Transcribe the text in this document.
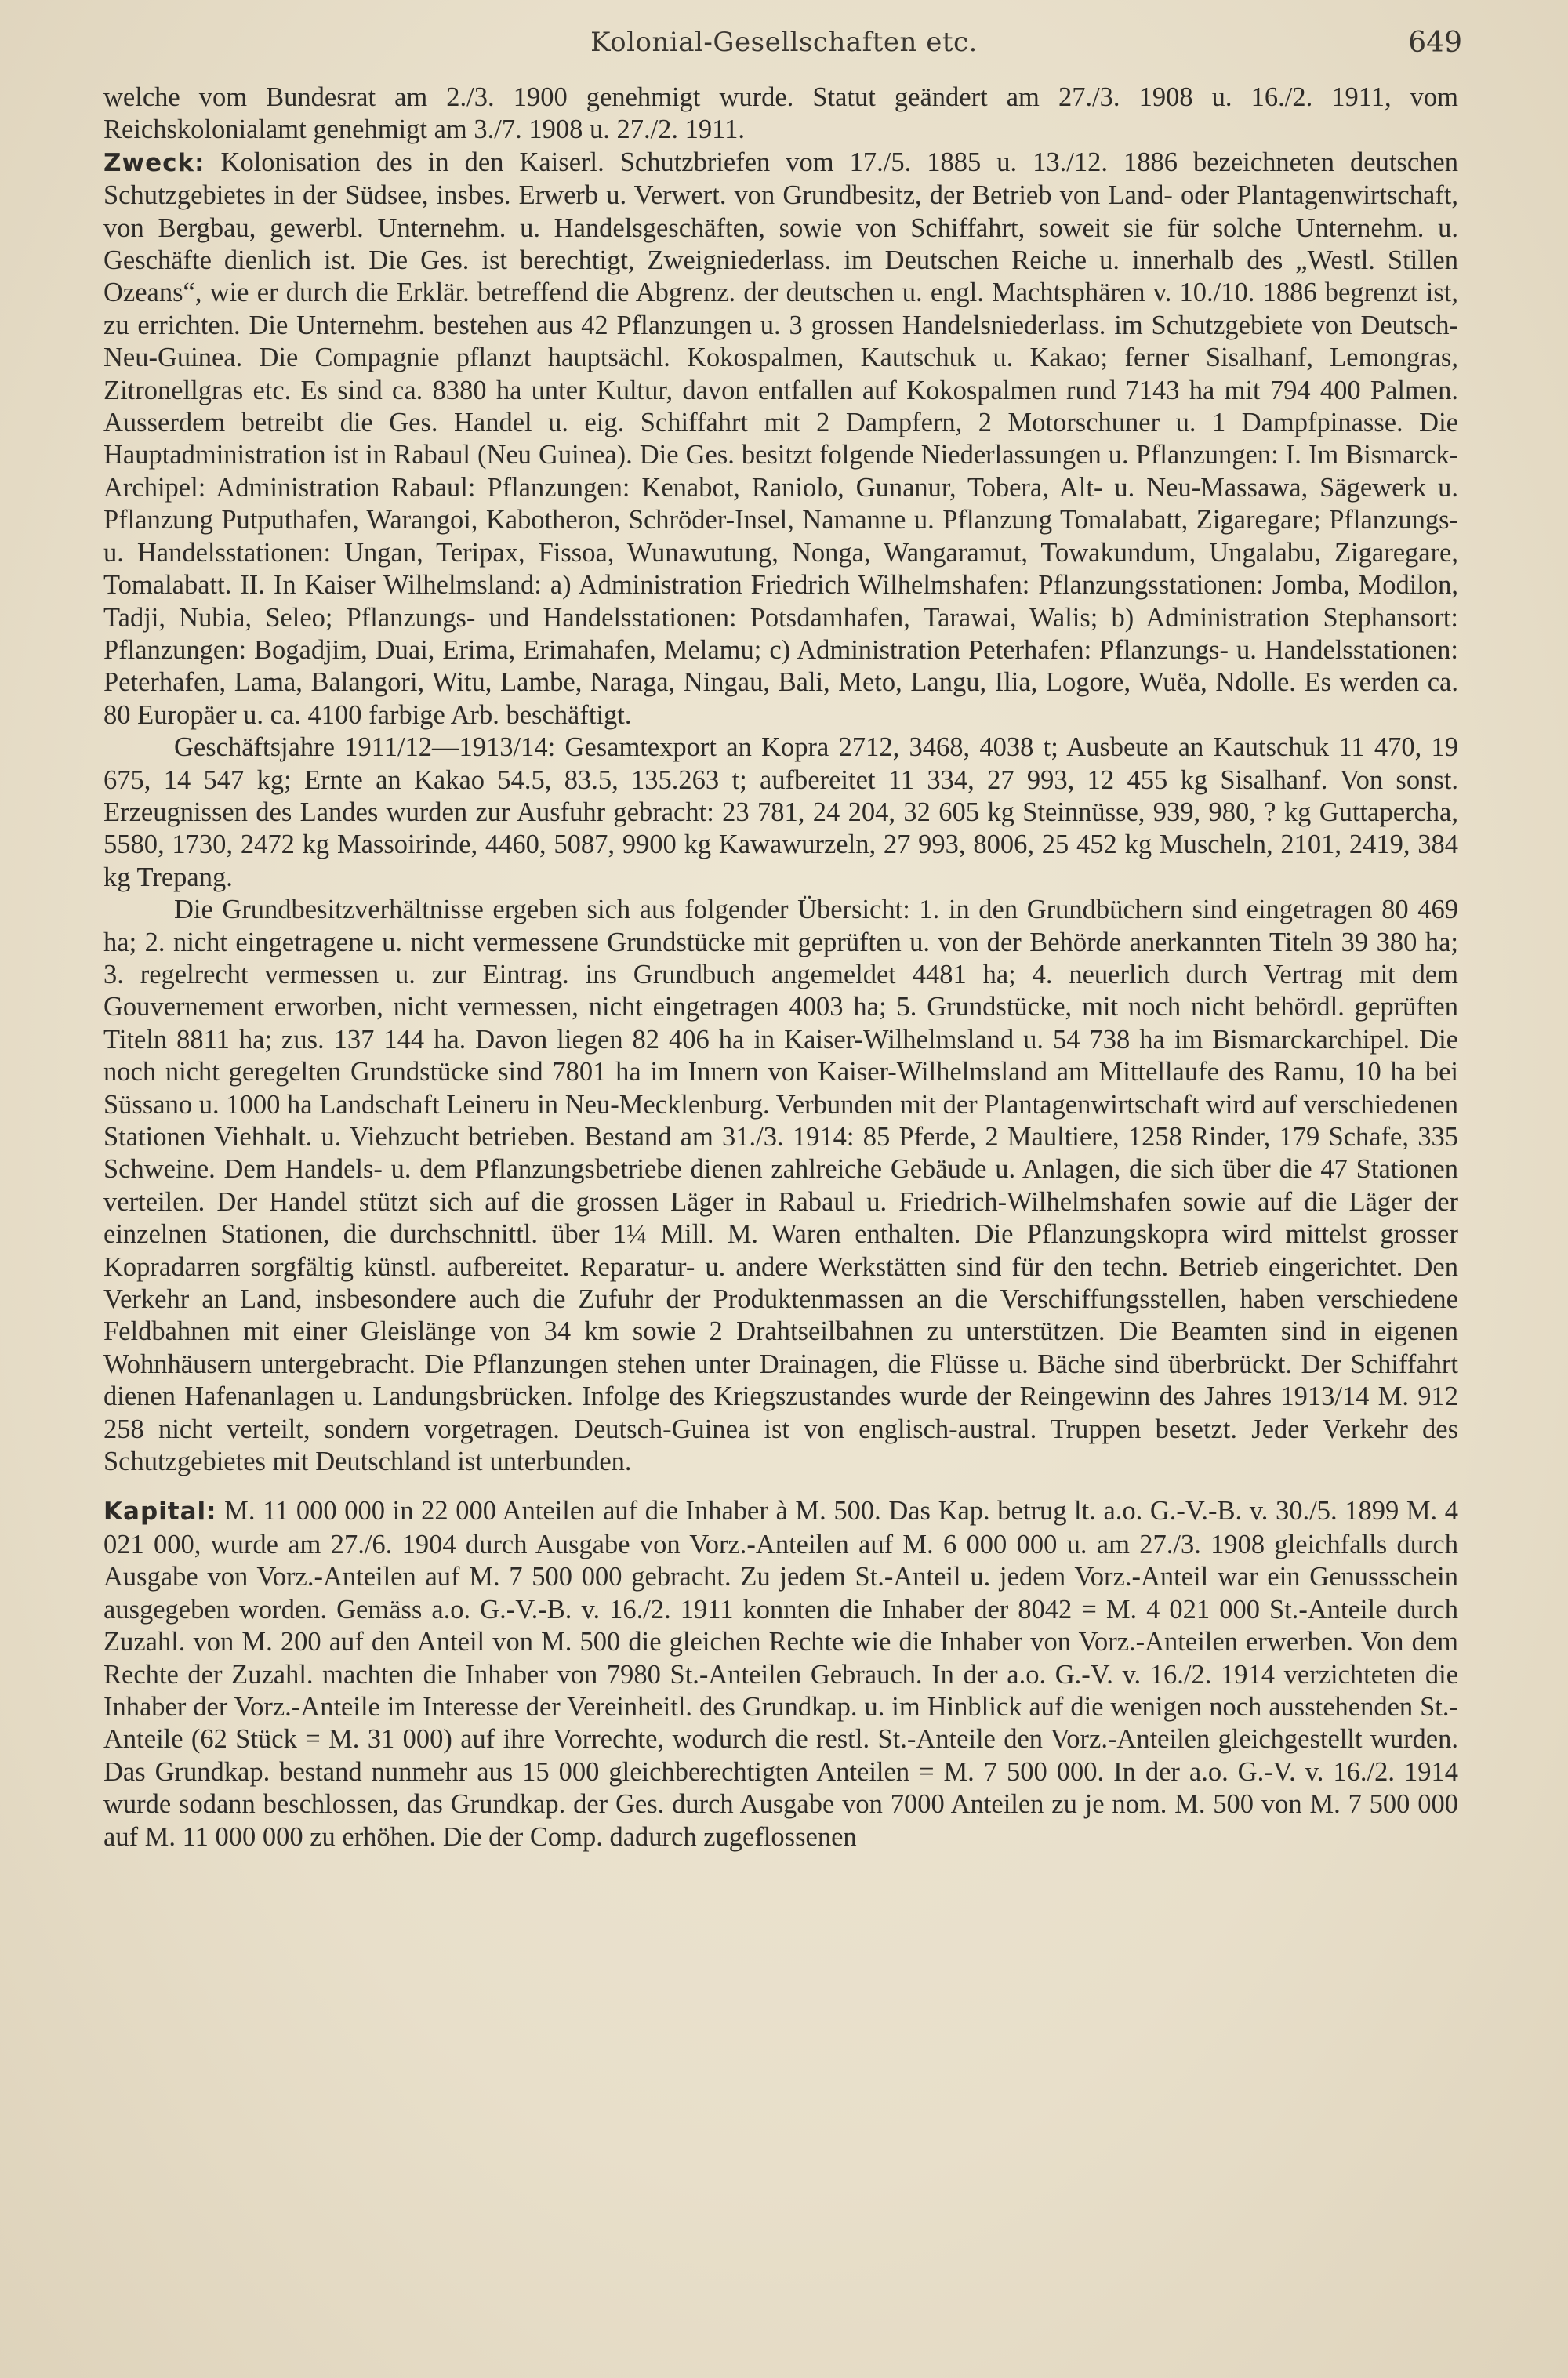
Kolonial-Gesellschaften etc.	649

welche vom Bundesrat am 2./3. 1900 genehmigt wurde. Statut geändert am 27./3. 1908 u. 16./2. 1911, vom Reichskolonialamt genehmigt am 3./7. 1908 u. 27./2. 1911.

Zweck: Kolonisation des in den Kaiserl. Schutzbriefen vom 17./5. 1885 u. 13./12. 1886 bezeichneten deutschen Schutzgebietes in der Südsee, insbes. Erwerb u. Verwert. von Grundbesitz, der Betrieb von Land- oder Plantagenwirtschaft, von Bergbau, gewerbl. Unternehm. u. Handelsgeschäften, sowie von Schiffahrt, soweit sie für solche Unternehm. u. Geschäfte dienlich ist. Die Ges. ist berechtigt, Zweigniederlass. im Deutschen Reiche u. innerhalb des „Westl. Stillen Ozeans“, wie er durch die Erklär. betreffend die Abgrenz. der deutschen u. engl. Machtsphären v. 10./10. 1886 begrenzt ist, zu errichten. Die Unternehm. bestehen aus 42 Pflanzungen u. 3 grossen Handelsniederlass. im Schutzgebiete von Deutsch-Neu-Guinea. Die Compagnie pflanzt hauptsächl. Kokospalmen, Kautschuk u. Kakao; ferner Sisalhanf, Lemongras, Zitronellgras etc. Es sind ca. 8380 ha unter Kultur, davon entfallen auf Kokospalmen rund 7143 ha mit 794 400 Palmen. Ausserdem betreibt die Ges. Handel u. eig. Schiffahrt mit 2 Dampfern, 2 Motorschuner u. 1 Dampfpinasse. Die Hauptadministration ist in Rabaul (Neu Guinea). Die Ges. besitzt folgende Niederlassungen u. Pflanzungen: I. Im Bismarck-Archipel: Administration Rabaul: Pflanzungen: Kenabot, Raniolo, Gunanur, Tobera, Alt- u. Neu-Massawa, Sägewerk u. Pflanzung Putputhafen, Warangoi, Kabotheron, Schröder-Insel, Namanne u. Pflanzung Tomalabatt, Zigaregare; Pflanzungs- u. Handelsstationen: Ungan, Teripax, Fissoa, Wunawutung, Nonga, Wangaramut, Towakundum, Ungalabu, Zigaregare, Tomalabatt. II. In Kaiser Wilhelmsland: a) Administration Friedrich Wilhelmshafen: Pflanzungsstationen: Jomba, Modilon, Tadji, Nubia, Seleo; Pflanzungs- und Handelsstationen: Potsdamhafen, Tarawai, Walis; b) Administration Stephansort: Pflanzungen: Bogadjim, Duai, Erima, Erimahafen, Melamu; c) Administration Peterhafen: Pflanzungs- u. Handelsstationen: Peterhafen, Lama, Balangori, Witu, Lambe, Naraga, Ningau, Bali, Meto, Langu, Ilia, Logore, Wuëa, Ndolle. Es werden ca. 80 Europäer u. ca. 4100 farbige Arb. beschäftigt.

Geschäftsjahre 1911/12—1913/14: Gesamtexport an Kopra 2712, 3468, 4038 t; Ausbeute an Kautschuk 11 470, 19 675, 14 547 kg; Ernte an Kakao 54.5, 83.5, 135.263 t; aufbereitet 11 334, 27 993, 12 455 kg Sisalhanf. Von sonst. Erzeugnissen des Landes wurden zur Ausfuhr gebracht: 23 781, 24 204, 32 605 kg Steinnüsse, 939, 980, ? kg Guttapercha, 5580, 1730, 2472 kg Massoirinde, 4460, 5087, 9900 kg Kawawurzeln, 27 993, 8006, 25 452 kg Muscheln, 2101, 2419, 384 kg Trepang.

Die Grundbesitzverhältnisse ergeben sich aus folgender Übersicht: 1. in den Grundbüchern sind eingetragen 80 469 ha; 2. nicht eingetragene u. nicht vermessene Grundstücke mit geprüften u. von der Behörde anerkannten Titeln 39 380 ha; 3. regelrecht vermessen u. zur Eintrag. ins Grundbuch angemeldet 4481 ha; 4. neuerlich durch Vertrag mit dem Gouvernement erworben, nicht vermessen, nicht eingetragen 4003 ha; 5. Grundstücke, mit noch nicht behördl. geprüften Titeln 8811 ha; zus. 137 144 ha. Davon liegen 82 406 ha in Kaiser-Wilhelmsland u. 54 738 ha im Bismarckarchipel. Die noch nicht geregelten Grundstücke sind 7801 ha im Innern von Kaiser-Wilhelmsland am Mittellaufe des Ramu, 10 ha bei Süssano u. 1000 ha Landschaft Leineru in Neu-Mecklenburg. Verbunden mit der Plantagenwirtschaft wird auf verschiedenen Stationen Viehhalt. u. Viehzucht betrieben. Bestand am 31./3. 1914: 85 Pferde, 2 Maultiere, 1258 Rinder, 179 Schafe, 335 Schweine. Dem Handels- u. dem Pflanzungsbetriebe dienen zahlreiche Gebäude u. Anlagen, die sich über die 47 Stationen verteilen. Der Handel stützt sich auf die grossen Läger in Rabaul u. Friedrich-Wilhelmshafen sowie auf die Läger der einzelnen Stationen, die durchschnittl. über 1¼ Mill. M. Waren enthalten. Die Pflanzungskopra wird mittelst grosser Kopradarren sorgfältig künstl. aufbereitet. Reparatur- u. andere Werkstätten sind für den techn. Betrieb eingerichtet. Den Verkehr an Land, insbesondere auch die Zufuhr der Produktenmassen an die Verschiffungsstellen, haben verschiedene Feldbahnen mit einer Gleislänge von 34 km sowie 2 Drahtseilbahnen zu unterstützen. Die Beamten sind in eigenen Wohnhäusern untergebracht. Die Pflanzungen stehen unter Drainagen, die Flüsse u. Bäche sind überbrückt. Der Schiffahrt dienen Hafenanlagen u. Landungsbrücken. Infolge des Kriegszustandes wurde der Reingewinn des Jahres 1913/14 M. 912 258 nicht verteilt, sondern vorgetragen. Deutsch-Guinea ist von englisch-austral. Truppen besetzt. Jeder Verkehr des Schutzgebietes mit Deutschland ist unterbunden.

Kapital: M. 11 000 000 in 22 000 Anteilen auf die Inhaber à M. 500. Das Kap. betrug lt. a.o. G.-V.-B. v. 30./5. 1899 M. 4 021 000, wurde am 27./6. 1904 durch Ausgabe von Vorz.-Anteilen auf M. 6 000 000 u. am 27./3. 1908 gleichfalls durch Ausgabe von Vorz.-Anteilen auf M. 7 500 000 gebracht. Zu jedem St.-Anteil u. jedem Vorz.-Anteil war ein Genussschein ausgegeben worden. Gemäss a.o. G.-V.-B. v. 16./2. 1911 konnten die Inhaber der 8042 = M. 4 021 000 St.-Anteile durch Zuzahl. von M. 200 auf den Anteil von M. 500 die gleichen Rechte wie die Inhaber von Vorz.-Anteilen erwerben. Von dem Rechte der Zuzahl. machten die Inhaber von 7980 St.-Anteilen Gebrauch. In der a.o. G.-V. v. 16./2. 1914 verzichteten die Inhaber der Vorz.-Anteile im Interesse der Vereinheitl. des Grundkap. u. im Hinblick auf die wenigen noch ausstehenden St.-Anteile (62 Stück = M. 31 000) auf ihre Vorrechte, wodurch die restl. St.-Anteile den Vorz.-Anteilen gleichgestellt wurden. Das Grundkap. bestand nunmehr aus 15 000 gleichberechtigten Anteilen = M. 7 500 000. In der a.o. G.-V. v. 16./2. 1914 wurde sodann beschlossen, das Grundkap. der Ges. durch Ausgabe von 7000 Anteilen zu je nom. M. 500 von M. 7 500 000 auf M. 11 000 000 zu erhöhen. Die der Comp. dadurch zugeflossenen
